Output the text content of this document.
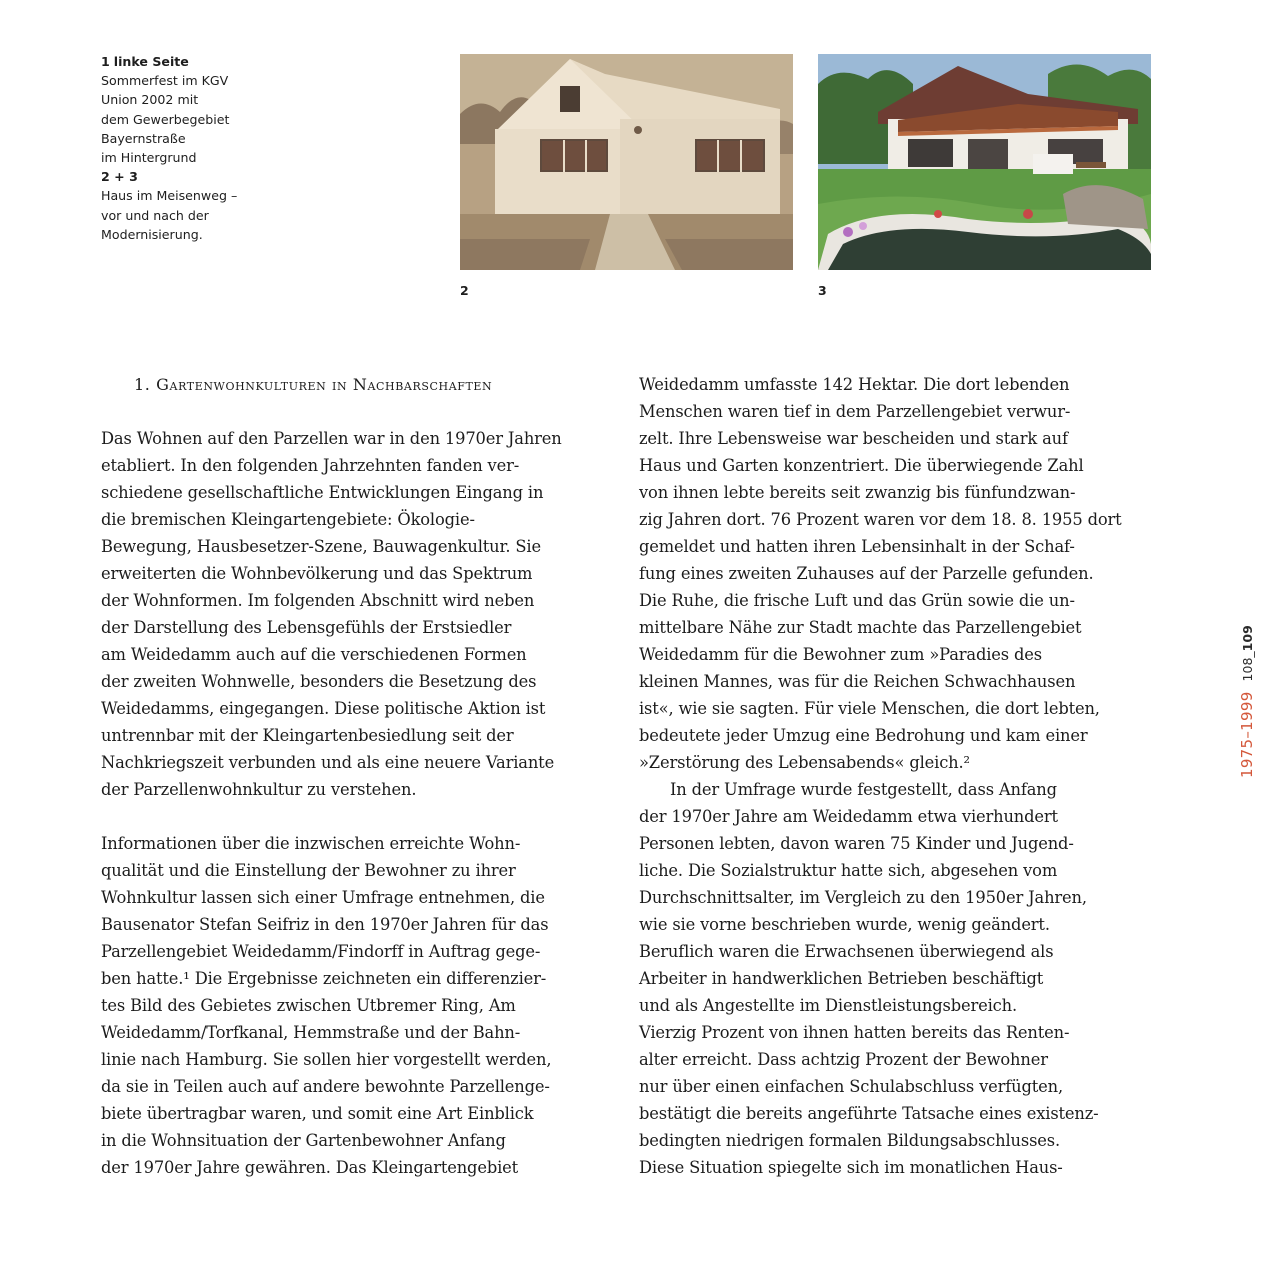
1 linke Seite
Sommerfest im KGV
Union 2002 mit
dem Gewerbegebiet
Bayernstraße
im Hintergrund
2 + 3
Haus im Meisenweg –
vor und nach der
Modernisierung.
2	3
1. Gartenwohnkulturen in Nachbarschaften
Das Wohnen auf den Parzellen war in den 1970er Jahren
etabliert. In den folgenden Jahrzehnten fanden ver-
schiedene gesellschaftliche Entwicklungen Eingang in
die bremischen Kleingartengebiete: Ökologie-
Bewegung, Hausbesetzer-Szene, Bauwagenkultur. Sie
erweiterten die Wohnbevölkerung und das Spektrum
der Wohnformen. Im folgenden Abschnitt wird neben
der Darstellung des Lebensgefühls der Erstsiedler
am Weidedamm auch auf die verschiedenen Formen
der zweiten Wohnwelle, besonders die Besetzung des
Weidedamms, eingegangen. Diese politische Aktion ist
untrennbar mit der Kleingartenbesiedlung seit der
Nachkriegszeit verbunden und als eine neuere Variante
der Parzellenwohnkultur zu verstehen.
Informationen über die inzwischen erreichte Wohn-
qualität und die Einstellung der Bewohner zu ihrer
Wohnkultur lassen sich einer Umfrage entnehmen, die
Bausenator Stefan Seifriz in den 1970er Jahren für das
Parzellengebiet Weidedamm/Findorff in Auftrag gege-
ben hatte.¹ Die Ergebnisse zeichneten ein differenzier-
tes Bild des Gebietes zwischen Utbremer Ring, Am
Weidedamm/Torfkanal, Hemmstraße und der Bahn-
linie nach Hamburg. Sie sollen hier vorgestellt werden,
da sie in Teilen auch auf andere bewohnte Parzellenge-
biete übertragbar waren, und somit eine Art Einblick
in die Wohnsituation der Gartenbewohner Anfang
der 1970er Jahre gewähren. Das Kleingartengebiet
Weidedamm umfasste 142 Hektar. Die dort lebenden
Menschen waren tief in dem Parzellengebiet verwur-
zelt. Ihre Lebensweise war bescheiden und stark auf
Haus und Garten konzentriert. Die überwiegende Zahl
von ihnen lebte bereits seit zwanzig bis fünfundzwan-
zig Jahren dort. 76 Prozent waren vor dem 18. 8. 1955 dort
gemeldet und hatten ihren Lebensinhalt in der Schaf-
fung eines zweiten Zuhauses auf der Parzelle gefunden.
Die Ruhe, die frische Luft und das Grün sowie die un-
mittelbare Nähe zur Stadt machte das Parzellengebiet
Weidedamm für die Bewohner zum »Paradies des
kleinen Mannes, was für die Reichen Schwachhausen
ist«, wie sie sagten. Für viele Menschen, die dort lebten,
bedeutete jeder Umzug eine Bedrohung und kam einer
»Zerstörung des Lebensabends« gleich.²
In der Umfrage wurde festgestellt, dass Anfang
der 1970er Jahre am Weidedamm etwa vierhundert
Personen lebten, davon waren 75 Kinder und Jugend-
liche. Die Sozialstruktur hatte sich, abgesehen vom
Durchschnittsalter, im Vergleich zu den 1950er Jahren,
wie sie vorne beschrieben wurde, wenig geändert.
Beruflich waren die Erwachsenen überwiegend als
Arbeiter in handwerklichen Betrieben beschäftigt
und als Angestellte im Dienstleistungsbereich.
Vierzig Prozent von ihnen hatten bereits das Renten-
alter erreicht. Dass achtzig Prozent der Bewohner
nur über einen einfachen Schulabschluss verfügten,
bestätigt die bereits angeführte Tatsache eines existenz-
bedingten niedrigen formalen Bildungsabschlusses.
Diese Situation spiegelte sich im monatlichen Haus-
1975–1999108_109
